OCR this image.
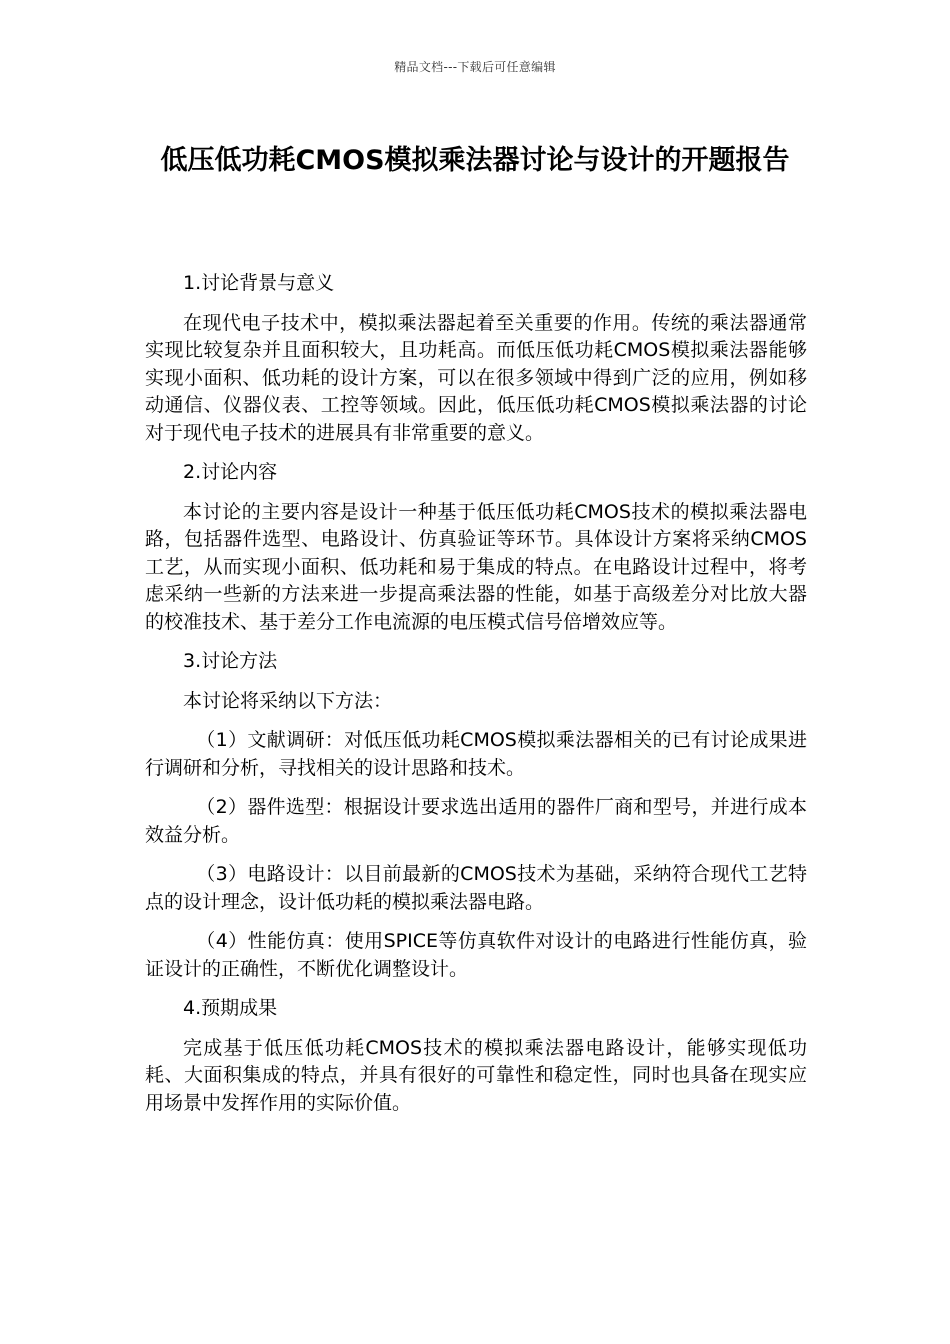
精品文档---下载后可任意编辑
低压低功耗CMOS模拟乘法器讨论与设计的开题报告

1.讨论背景与意义

在现代电子技术中，模拟乘法器起着至关重要的作用。传统的乘法器通常实现比较复杂并且面积较大，且功耗高。而低压低功耗CMOS模拟乘法器能够实现小面积、低功耗的设计方案，可以在很多领域中得到广泛的应用，例如移动通信、仪器仪表、工控等领域。因此，低压低功耗CMOS模拟乘法器的讨论对于现代电子技术的进展具有非常重要的意义。

2.讨论内容

本讨论的主要内容是设计一种基于低压低功耗CMOS技术的模拟乘法器电路，包括器件选型、电路设计、仿真验证等环节。具体设计方案将采纳CMOS工艺，从而实现小面积、低功耗和易于集成的特点。在电路设计过程中，将考虑采纳一些新的方法来进一步提高乘法器的性能，如基于高级差分对比放大器的校准技术、基于差分工作电流源的电压模式信号倍增效应等。

3.讨论方法

本讨论将采纳以下方法：

（1）文献调研：对低压低功耗CMOS模拟乘法器相关的已有讨论成果进行调研和分析，寻找相关的设计思路和技术。

（2）器件选型：根据设计要求选出适用的器件厂商和型号，并进行成本效益分析。

（3）电路设计：以目前最新的CMOS技术为基础，采纳符合现代工艺特点的设计理念，设计低功耗的模拟乘法器电路。

（4）性能仿真：使用SPICE等仿真软件对设计的电路进行性能仿真，验证设计的正确性，不断优化调整设计。

4.预期成果

完成基于低压低功耗CMOS技术的模拟乘法器电路设计，能够实现低功耗、大面积集成的特点，并具有很好的可靠性和稳定性，同时也具备在现实应用场景中发挥作用的实际价值。
